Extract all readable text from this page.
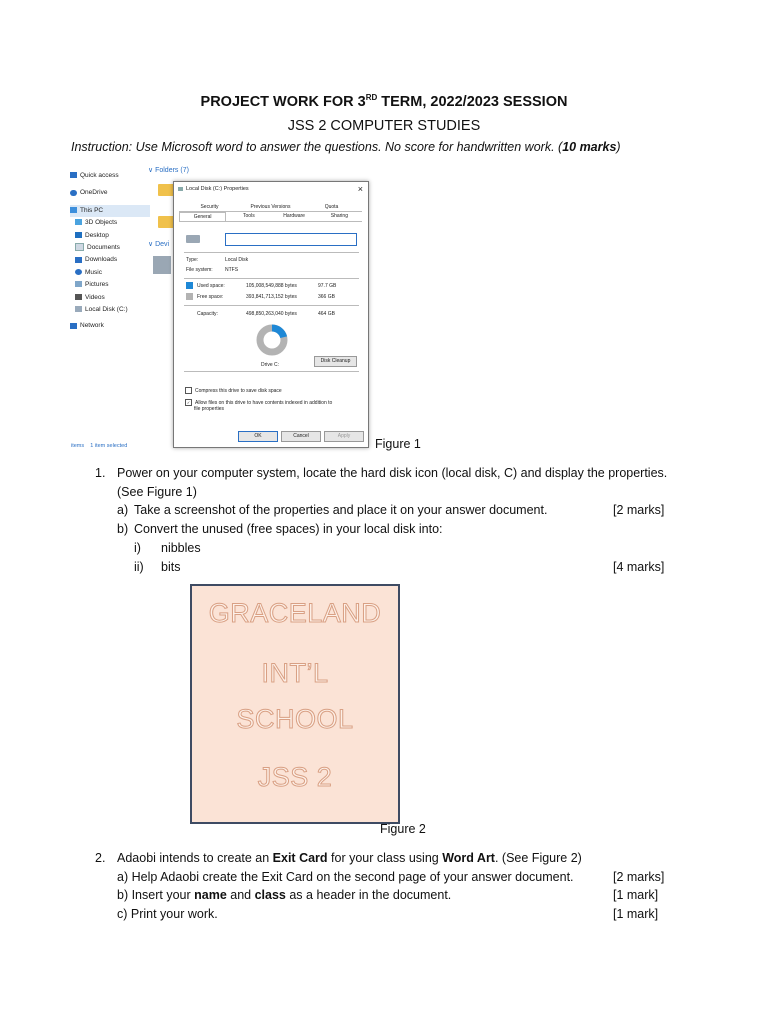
PROJECT WORK FOR 3RD TERM, 2022/2023 SESSION
JSS 2 COMPUTER STUDIES
Instruction: Use Microsoft word to answer the questions. No score for handwritten work. (10 marks)
Quick access
OneDrive
This PC
3D Objects
Desktop
Documents
Downloads
Music
Pictures
Videos
Local Disk (C:)
Network
∨ Folders (7)
∨ Devi
items 1 item selected
Local Disk (C:) Properties	×
Security	Previous Versions	Quota
General	Tools	Hardware	Sharing
Type:	Local Disk
File system: NTFS
Used space:	105,008,549,888 bytes	97.7 GB
Free space:	393,841,713,152 bytes	366 GB
Capacity:	498,850,263,040 bytes	464 GB
Drive C:
Disk Cleanup
Compress this drive to save disk space
✓ Allow files on this drive to have contents indexed in addition to
file properties
OK	Cancel	Apply
Figure 1
1. Power on your computer system, locate the hard disk icon (local disk, C) and display the properties.
(See Figure 1)
a) Take a screenshot of the properties and place it on your answer document.	[2 marks]
b) Convert the unused (free spaces) in your local disk into:
i) nibbles
ii) bits	[4 marks]
GRACELAND
INT’L
SCHOOL
JSS 2
Figure 2
2. Adaobi intends to create an Exit Card for your class using Word Art. (See Figure 2)
a) Help Adaobi create the Exit Card on the second page of your answer document.	[2 marks]
b) Insert your name and class as a header in the document.	[1 mark]
c) Print your work.	[1 mark]
